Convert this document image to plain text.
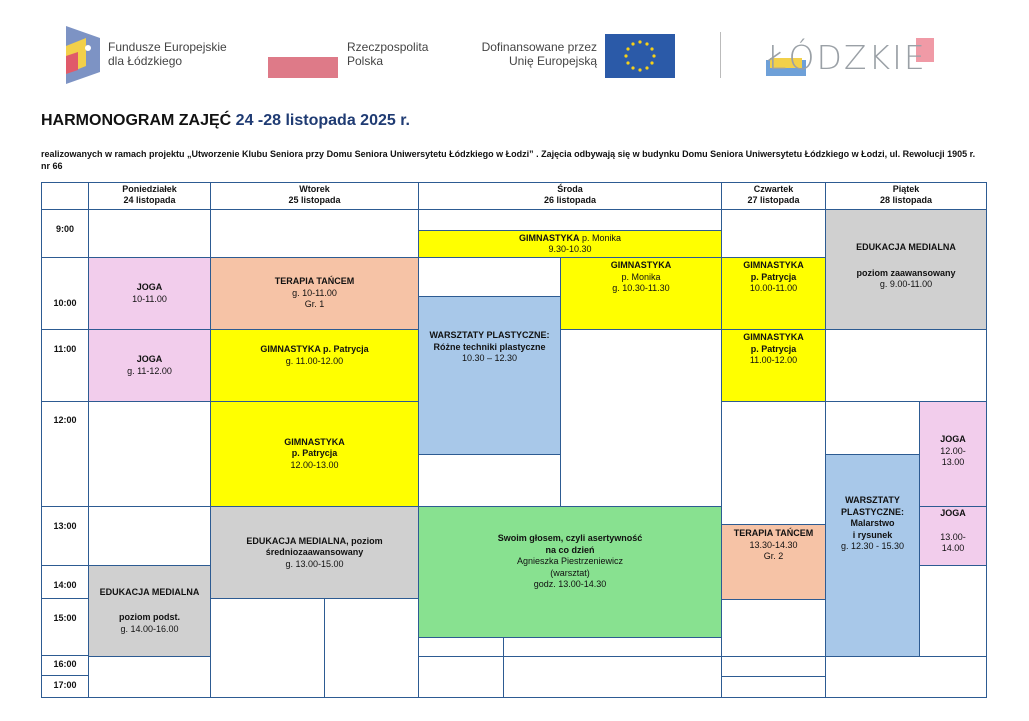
Fundusze Europejskie
dla Łódzkiego
Rzeczpospolita
Polska
Dofinansowane przez
Unię Europejską	ŁÓDZKIE
HARMONOGRAM ZAJĘĆ 24 -28 listopada 2025 r.
realizowanych w ramach projektu „Utworzenie Klubu Seniora przy Domu Seniora Uniwersytetu Łódzkiego w Łodzi” . Zajęcia odbywają się w budynku Domu Seniora Uniwersytetu Łódzkiego w Łodzi, ul. Rewolucji 1905 r. nr 66
JOGA
10-11.00
JOGA
g. 11-12.00
EDUKACJA MEDIALNA
poziom podst.
g. 14.00-16.00
TERAPIA TAŃCEM
g. 10-11.00
Gr. 1
GIMNASTYKA p. Patrycja
g. 11.00-12.00
GIMNASTYKA
p. Patrycja
12.00-13.00
EDUKACJA MEDIALNA, poziom
średniozaawansowany
g. 13.00-15.00
GIMNASTYKA p. Monika
9.30-10.30
GIMNASTYKA
p. Monika
g. 10.30-11.30
WARSZTATY PLASTYCZNE:
Różne techniki plastyczne
10.30 – 12.30
Swoim głosem, czyli asertywność
na co dzień
Agnieszka Piestrzeniewicz
(warsztat)
godz. 13.00-14.30
GIMNASTYKA
p. Patrycja
10.00-11.00
GIMNASTYKA
p. Patrycja
11.00-12.00
TERAPIA TAŃCEM
13.30-14.30
Gr. 2
EDUKACJA MEDIALNA
poziom zaawansowany
g. 9.00-11.00
JOGA
12.00-
13.00
JOGA
13.00-
14.00
WARSZTATY
PLASTYCZNE:
Malarstwo
i rysunek
g. 12.30 - 15.30
Poniedziałek
24 listopada
Wtorek
25 listopada
Środa
26 listopada
Czwartek
27 listopada
Piątek
28 listopada
9:00
10:00
11:00
12:00
13:00
14:00
15:00
16:00
17:00
